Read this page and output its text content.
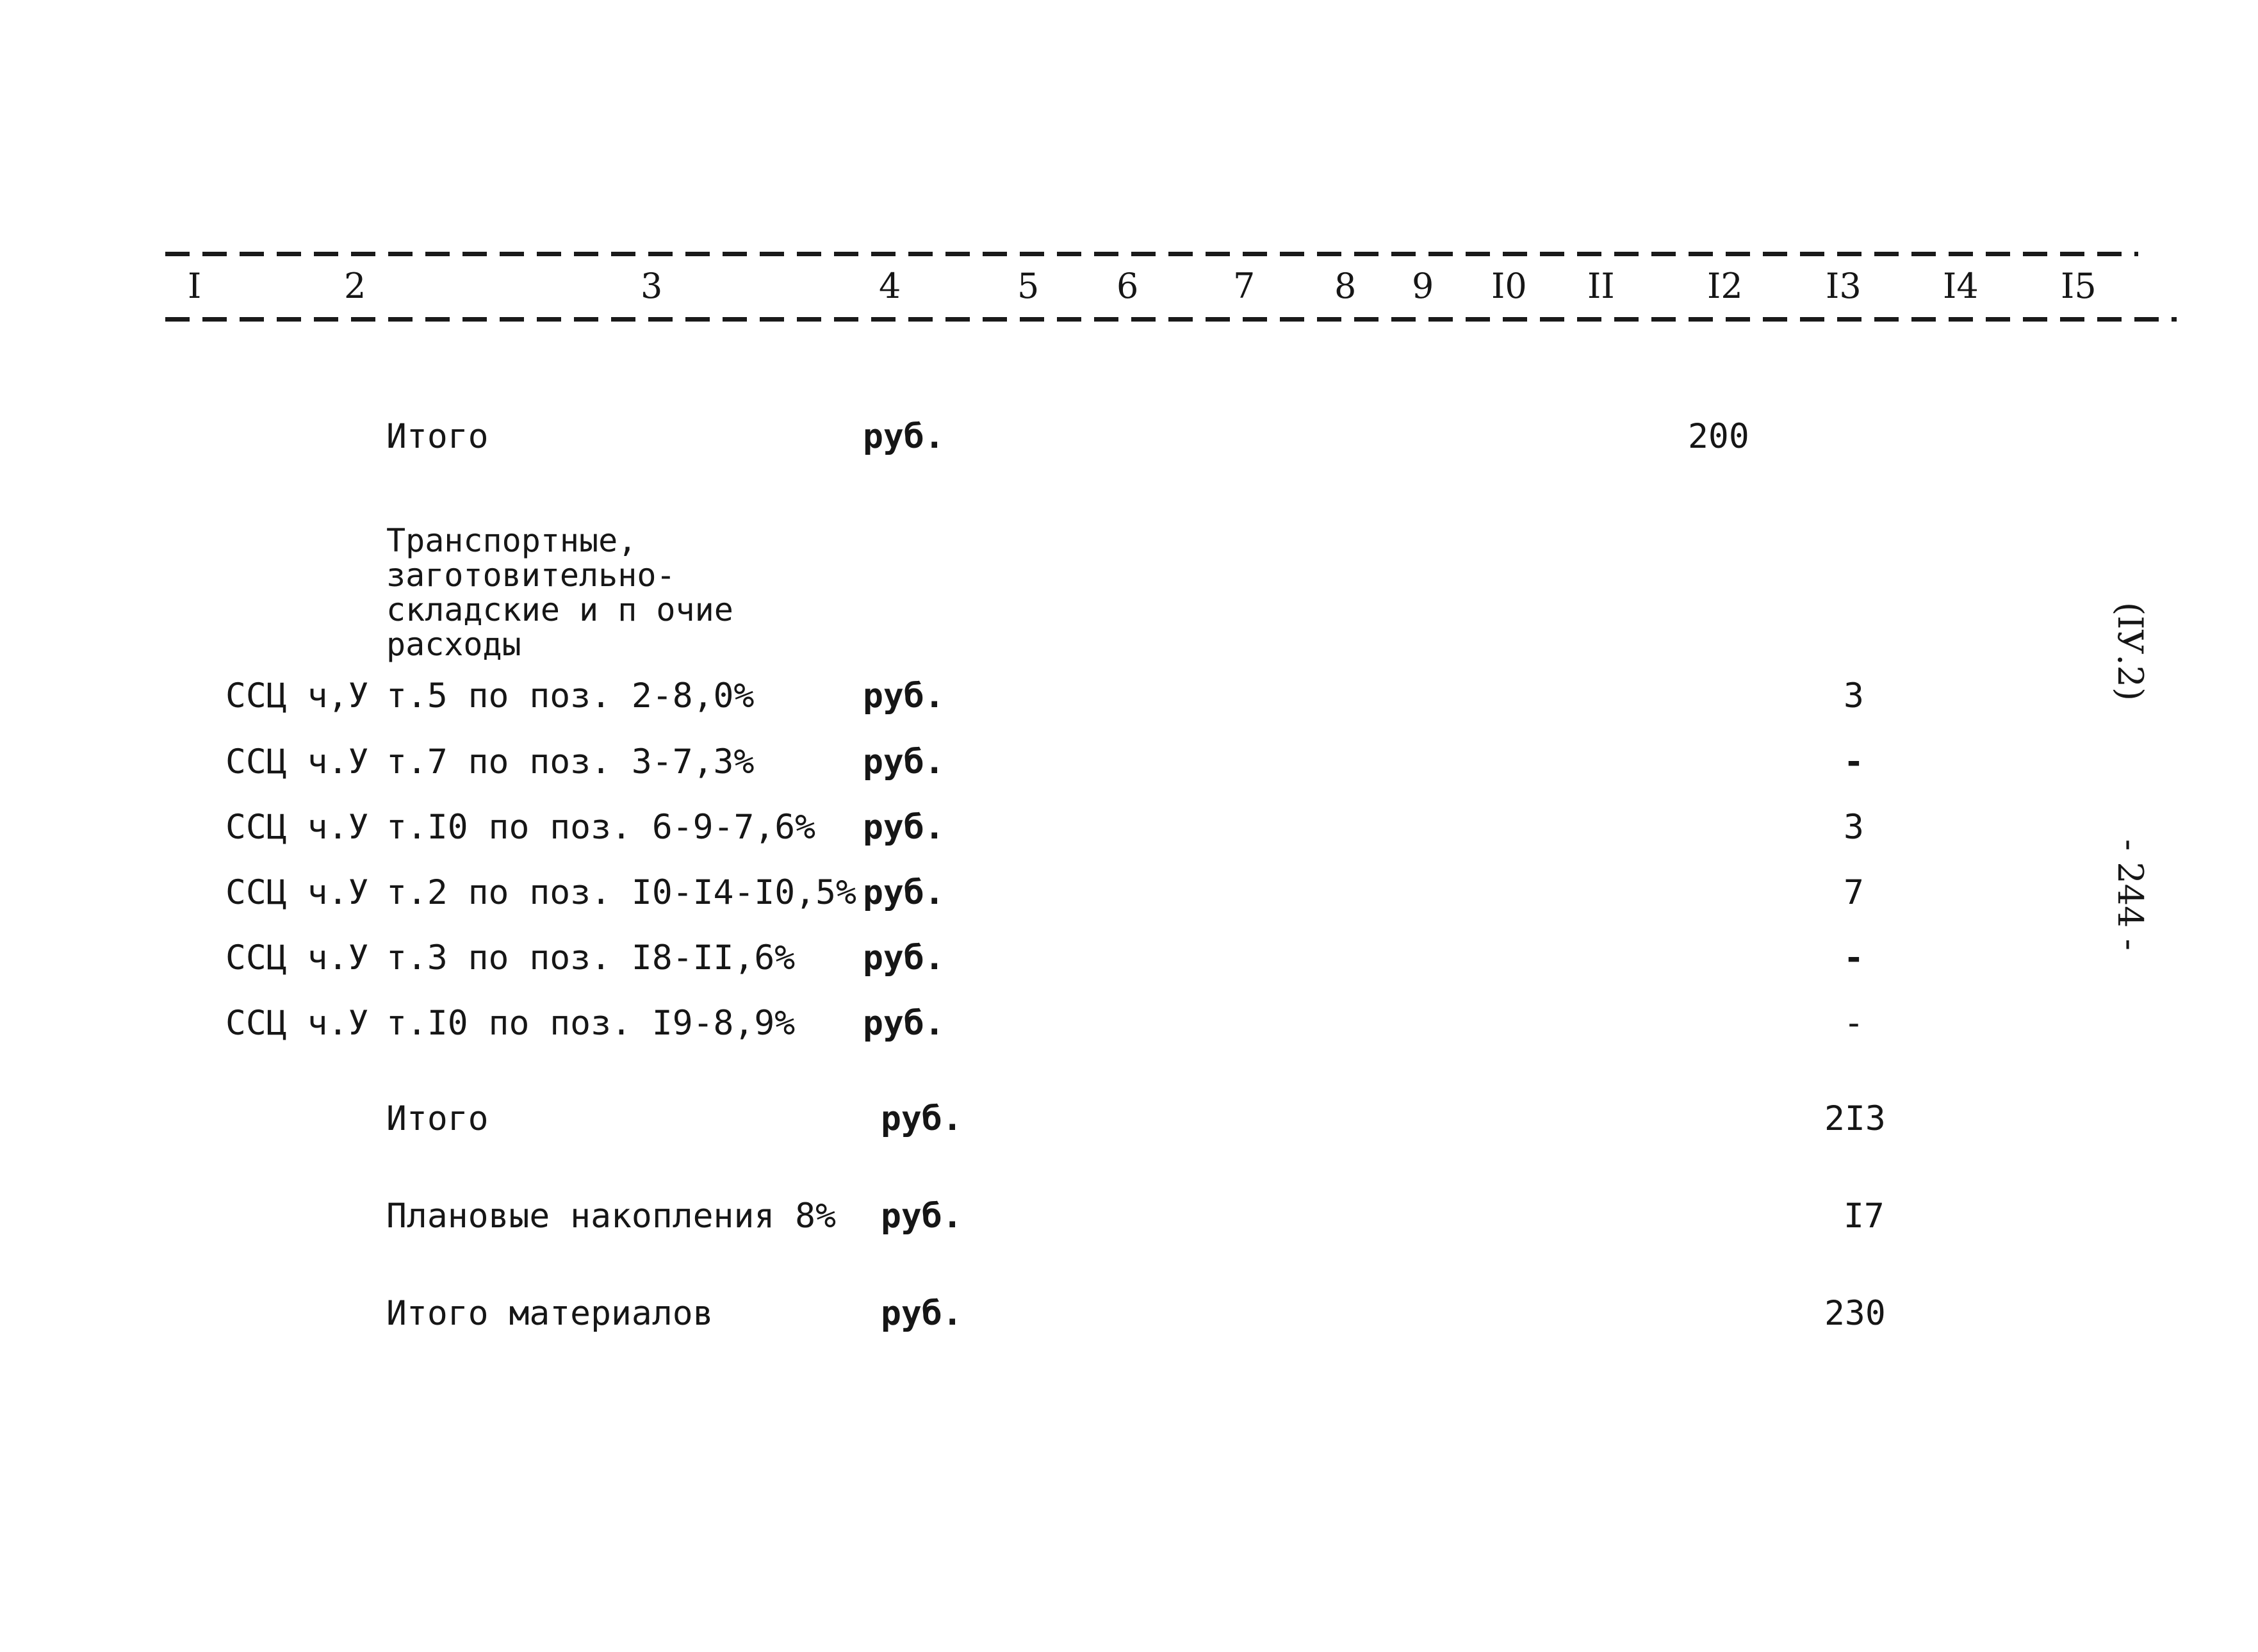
I	2	3	4	5 6	7 8 9 I0 II	I2 I3 I4 I5
Итого	руб.	200
Транспортные,
заготовительно-
складские и п очие
расходы
ССЦ ч,У т.5 по поз. 2-8,0%	руб.	3
ССЦ ч.У т.7 по поз. 3-7,3%	руб.	-
ССЦ ч.У т.I0 по поз. 6-9-7,6% руб.	3
ССЦ ч.У т.2 по поз. I0-I4-I0,5% руб.	7
ССЦ ч.У т.3 по поз. I8-II,6% руб.	-
ССЦ ч.У т.I0 по поз. I9-8,9% руб.	-
Итого	руб.	2I3
Плановые накопления 8% руб.	I7
Итого материалов	руб.	230
(IУ.2)
- 244 -
